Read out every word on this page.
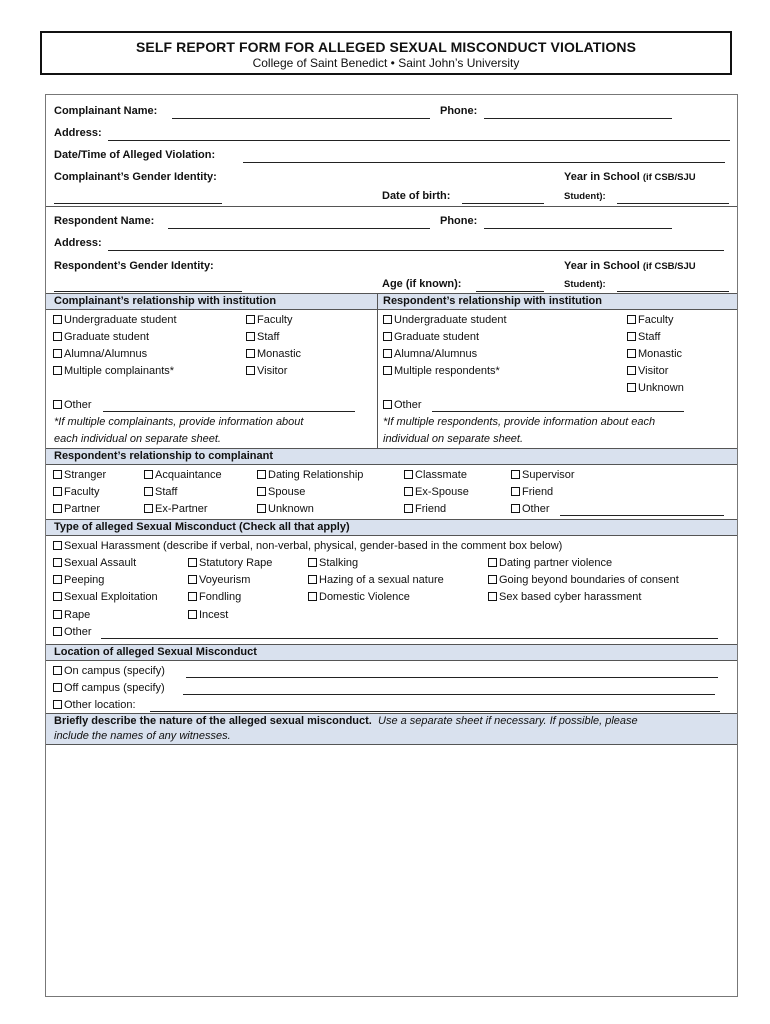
SELF REPORT FORM FOR ALLEGED SEXUAL MISCONDUCT VIOLATIONS
College of Saint Benedict • Saint John’s University
Complainant Name:	Phone:
Address:
Date/Time of Alleged Violation:
Complainant’s Gender Identity:	Year in School (if CSB/SJU
Date of birth:	Student):
Respondent Name:	Phone:
Address:
Respondent’s Gender Identity:	Year in School (if CSB/SJU
Age (if known):	Student):
Complainant’s relationship with institution	Respondent’s relationship with institution
Undergraduate student	Faculty
Graduate student	Staff
Alumna/Alumnus	Monastic
Multiple complainants*	Visitor
Other
*If multiple complainants, provide information about
each individual on separate sheet.
Undergraduate student	Faculty
Graduate student	Staff
Alumna/Alumnus	Monastic
Multiple respondents*	Visitor
Unknown
Other
*If multiple respondents, provide information about each
individual on separate sheet.
Respondent’s relationship to complainant
Stranger	Acquaintance	Dating Relationship	Classmate	Supervisor
Faculty	Staff	Spouse	Ex-Spouse	Friend
Partner	Ex-Partner	Unknown	Friend	Other
Type of alleged Sexual Misconduct (Check all that apply)
Sexual Harassment (describe if verbal, non-verbal, physical, gender-based in the comment box below)
Sexual Assault	Statutory Rape	Stalking	Dating partner violence
Peeping	Voyeurism	Hazing of a sexual nature	Going beyond boundaries of consent
Sexual Exploitation	Fondling	Domestic Violence	Sex based cyber harassment
Rape	Incest
Other
Location of alleged Sexual Misconduct
On campus (specify)
Off campus (specify)
Other location:
Briefly describe the nature of the alleged sexual misconduct. Use a separate sheet if necessary. If possible, please
include the names of any witnesses.
